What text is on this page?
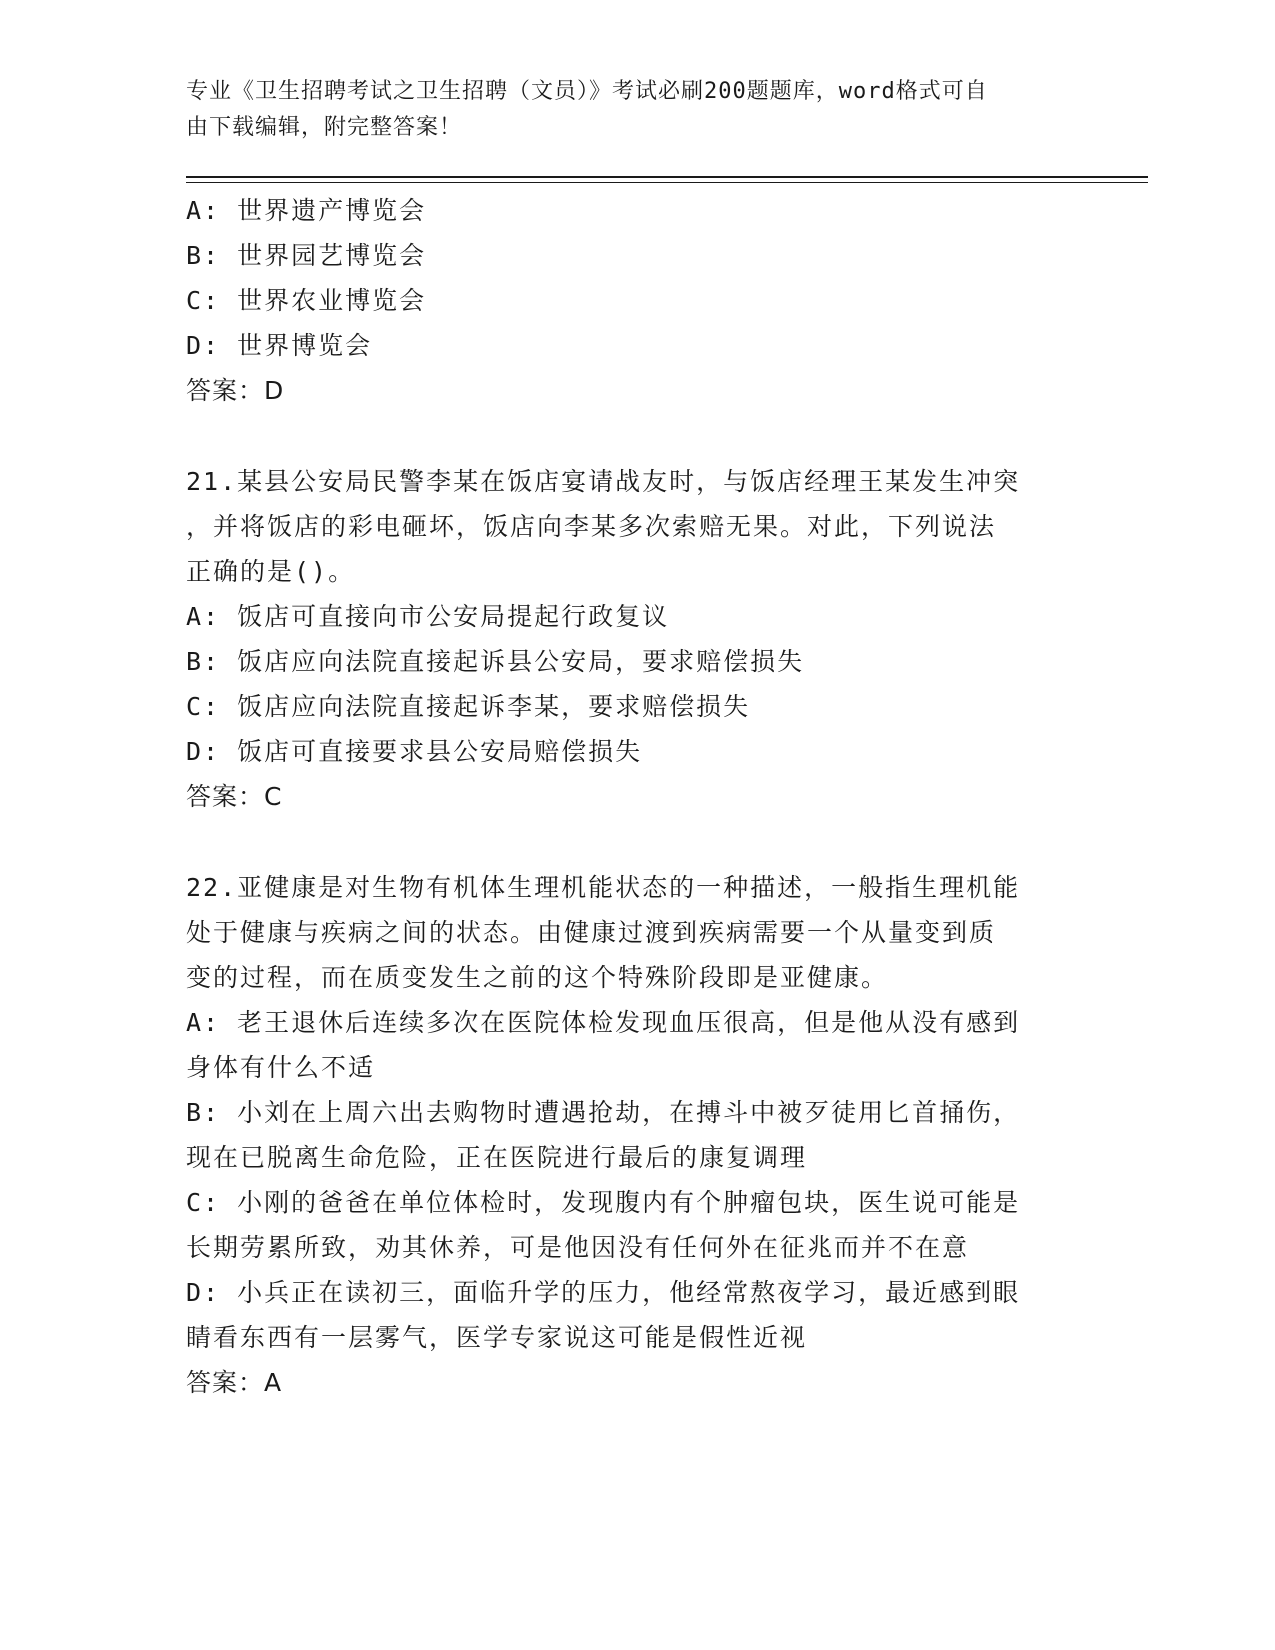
专业《卫生招聘考试之卫生招聘（文员）》考试必刷200题题库，word格式可自
由下载编辑，附完整答案！
A: 世界遗产博览会
B: 世界园艺博览会
C: 世界农业博览会
D: 世界博览会
答案：D
21.某县公安局民警李某在饭店宴请战友时，与饭店经理王某发生冲突
，并将饭店的彩电砸坏，饭店向李某多次索赔无果。对此，下列说法
正确的是()。
A: 饭店可直接向市公安局提起行政复议
B: 饭店应向法院直接起诉县公安局，要求赔偿损失
C: 饭店应向法院直接起诉李某，要求赔偿损失
D: 饭店可直接要求县公安局赔偿损失
答案：C
22.亚健康是对生物有机体生理机能状态的一种描述，一般指生理机能
处于健康与疾病之间的状态。由健康过渡到疾病需要一个从量变到质
变的过程，而在质变发生之前的这个特殊阶段即是亚健康。
A: 老王退休后连续多次在医院体检发现血压很高，但是他从没有感到
身体有什么不适
B: 小刘在上周六出去购物时遭遇抢劫，在搏斗中被歹徒用匕首捅伤，
现在已脱离生命危险，正在医院进行最后的康复调理
C: 小刚的爸爸在单位体检时，发现腹内有个肿瘤包块，医生说可能是
长期劳累所致，劝其休养，可是他因没有任何外在征兆而并不在意
D: 小兵正在读初三，面临升学的压力，他经常熬夜学习，最近感到眼
睛看东西有一层雾气，医学专家说这可能是假性近视
答案：A
